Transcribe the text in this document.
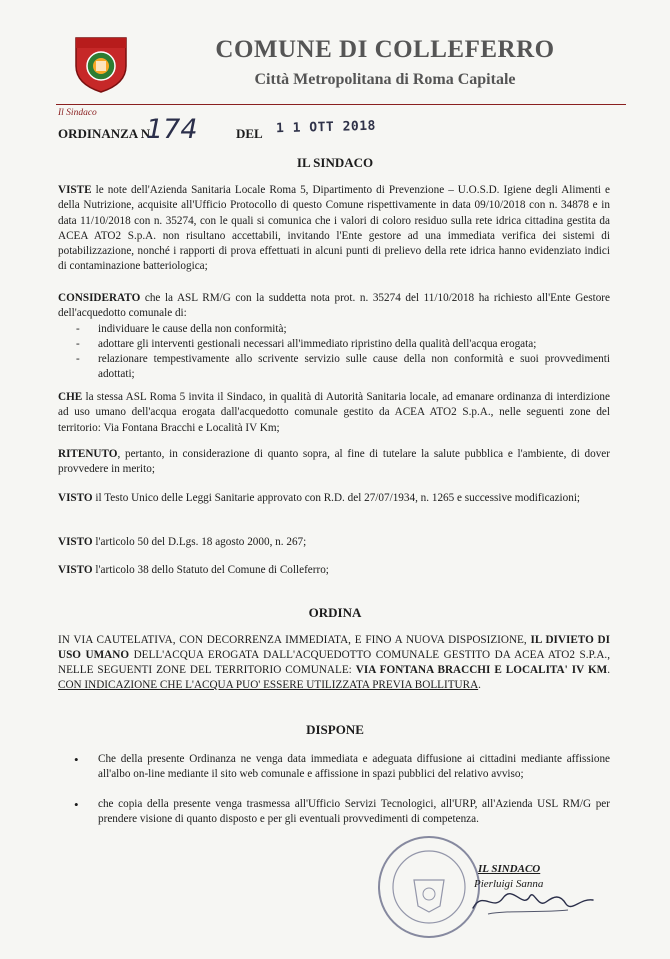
COMUNE DI COLLEFERRO
Città Metropolitana di Roma Capitale
Il Sindaco
ORDINANZA N.
174	DEL 1 1 OTT 2018
IL SINDACO
VISTE le note dell'Azienda Sanitaria Locale Roma 5, Dipartimento di Prevenzione – U.O.S.D. Igiene degli Alimenti e della Nutrizione, acquisite all'Ufficio Protocollo di questo Comune rispettivamente in data 09/10/2018 con n. 34878 e in data 11/10/2018 con n. 35274, con le quali si comunica che i valori di coloro residuo sulla rete idrica cittadina gestita da ACEA ATO2 S.p.A. non risultano accettabili, invitando l'Ente gestore ad una immediata verifica dei sistemi di potabilizzazione, nonché i rapporti di prova effettuati in alcuni punti di prelievo della rete idrica hanno evidenziato indici di contaminazione batteriologica;
CONSIDERATO che la ASL RM/G con la suddetta nota prot. n. 35274 del 11/10/2018 ha richiesto all'Ente Gestore dell'acquedotto comunale di:
- individuare le cause della non conformità;
- adottare gli interventi gestionali necessari all'immediato ripristino della qualità dell'acqua erogata;
- relazionare tempestivamente allo scrivente servizio sulle cause della non conformità e suoi provvedimenti adottati;
CHE la stessa ASL Roma 5 invita il Sindaco, in qualità di Autorità Sanitaria locale, ad emanare ordinanza di interdizione ad uso umano dell'acqua erogata dall'acquedotto comunale gestito da ACEA ATO2 S.p.A., nelle seguenti zone del territorio: Via Fontana Bracchi e Località IV Km;
RITENUTO, pertanto, in considerazione di quanto sopra, al fine di tutelare la salute pubblica e l'ambiente, di dover provvedere in merito;
VISTO il Testo Unico delle Leggi Sanitarie approvato con R.D. del 27/07/1934, n. 1265 e successive modificazioni;
VISTO l'articolo 50 del D.Lgs. 18 agosto 2000, n. 267;
VISTO l'articolo 38 dello Statuto del Comune di Colleferro;
ORDINA
IN VIA CAUTELATIVA, CON DECORRENZA IMMEDIATA, E FINO A NUOVA DISPOSIZIONE, IL DIVIETO DI USO UMANO DELL'ACQUA EROGATA DALL'ACQUEDOTTO COMUNALE GESTITO DA ACEA ATO2 S.P.A., NELLE SEGUENTI ZONE DEL TERRITORIO COMUNALE: VIA FONTANA BRACCHI E LOCALITA' IV KM. CON INDICAZIONE CHE L'ACQUA PUO' ESSERE UTILIZZATA PREVIA BOLLITURA.
DISPONE
• Che della presente Ordinanza ne venga data immediata e adeguata diffusione ai cittadini mediante affissione all'albo on-line mediante il sito web comunale e affissione in spazi pubblici del relativo avviso;
• che copia della presente venga trasmessa all'Ufficio Servizi Tecnologici, all'URP, all'Azienda USL RM/G per prendere visione di quanto disposto e per gli eventuali provvedimenti di competenza.
IL SINDACO
Pierluigi Sanna
